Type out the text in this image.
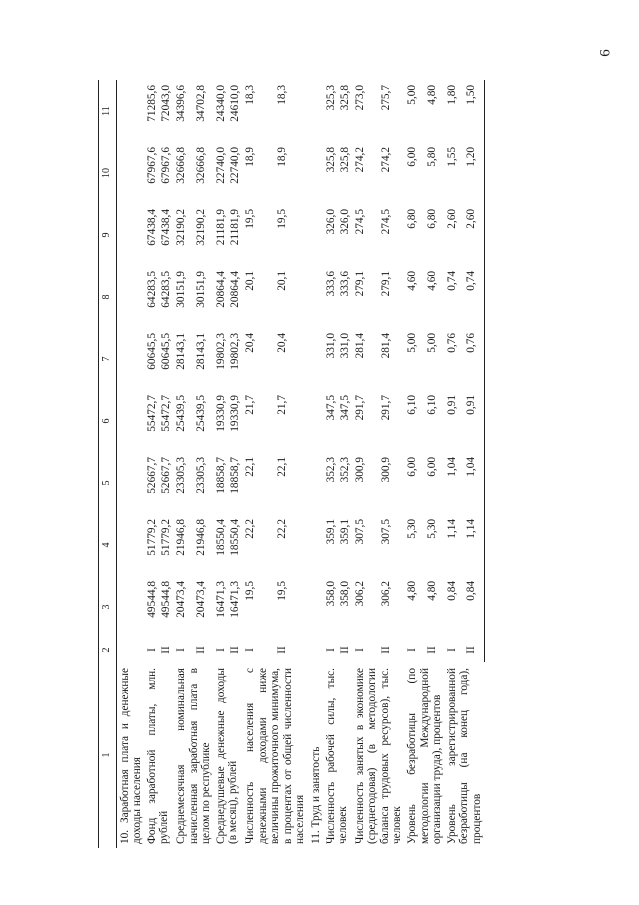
6
1	2	3	4	5	6	7	8	9	10	11
10. Заработная плата и денежные доходы населения										
Фонд заработной платы, млн. рублей	I	49544,8	51779,2	52667,7	55472,7	60645,5	64283,5	67438,4	67967,6	71285,6
	II	49544,8	51779,2	52667,7	55472,7	60645,5	64283,5	67438,4	67967,6	72043,0
Среднемесячная номинальная начисленная заработная плата в целом по республике	I	20473,4	21946,8	23305,3	25439,5	28143,1	30151,9	32190,2	32666,8	34396,6
	II	20473,4	21946,8	23305,3	25439,5	28143,1	30151,9	32190,2	32666,8	34702,8
Среднедушевые денежные доходы (в месяц), рублей	I	16471,3	18550,4	18858,7	19330,9	19802,3	20864,4	21181,9	22740,0	24340,0
	II	16471,3	18550,4	18858,7	19330,9	19802,3	20864,4	21181,9	22740,0	24610,0
Численность населения с денежными доходами ниже величины прожиточного минимума, в процентах от общей численности населения	I	19,5	22,2	22,1	21,7	20,4	20,1	19,5	18,9	18,3
	II	19,5	22,2	22,1	21,7	20,4	20,1	19,5	18,9	18,3
11. Труд и занятость										
Численность рабочей силы, тыс. человек	I	358,0	359,1	352,3	347,5	331,0	333,6	326,0	325,8	325,3
	II	358,0	359,1	352,3	347,5	331,0	333,6	326,0	325,8	325,8
Численность занятых в экономике (среднегодовая) (в методологии баланса трудовых ресурсов), тыс. человек	I	306,2	307,5	300,9	291,7	281,4	279,1	274,5	274,2	273,0
	II	306,2	307,5	300,9	291,7	281,4	279,1	274,5	274,2	275,7
Уровень безработицы (по методологии Международной организации труда), процентов	I	4,80	5,30	6,00	6,10	5,00	4,60	6,80	6,00	5,00
	II	4,80	5,30	6,00	6,10	5,00	4,60	6,80	5,80	4,80
Уровень зарегистрированной безработицы (на конец года), процентов	I	0,84	1,14	1,04	0,91	0,76	0,74	2,60	1,55	1,80
	II	0,84	1,14	1,04	0,91	0,76	0,74	2,60	1,20	1,50
